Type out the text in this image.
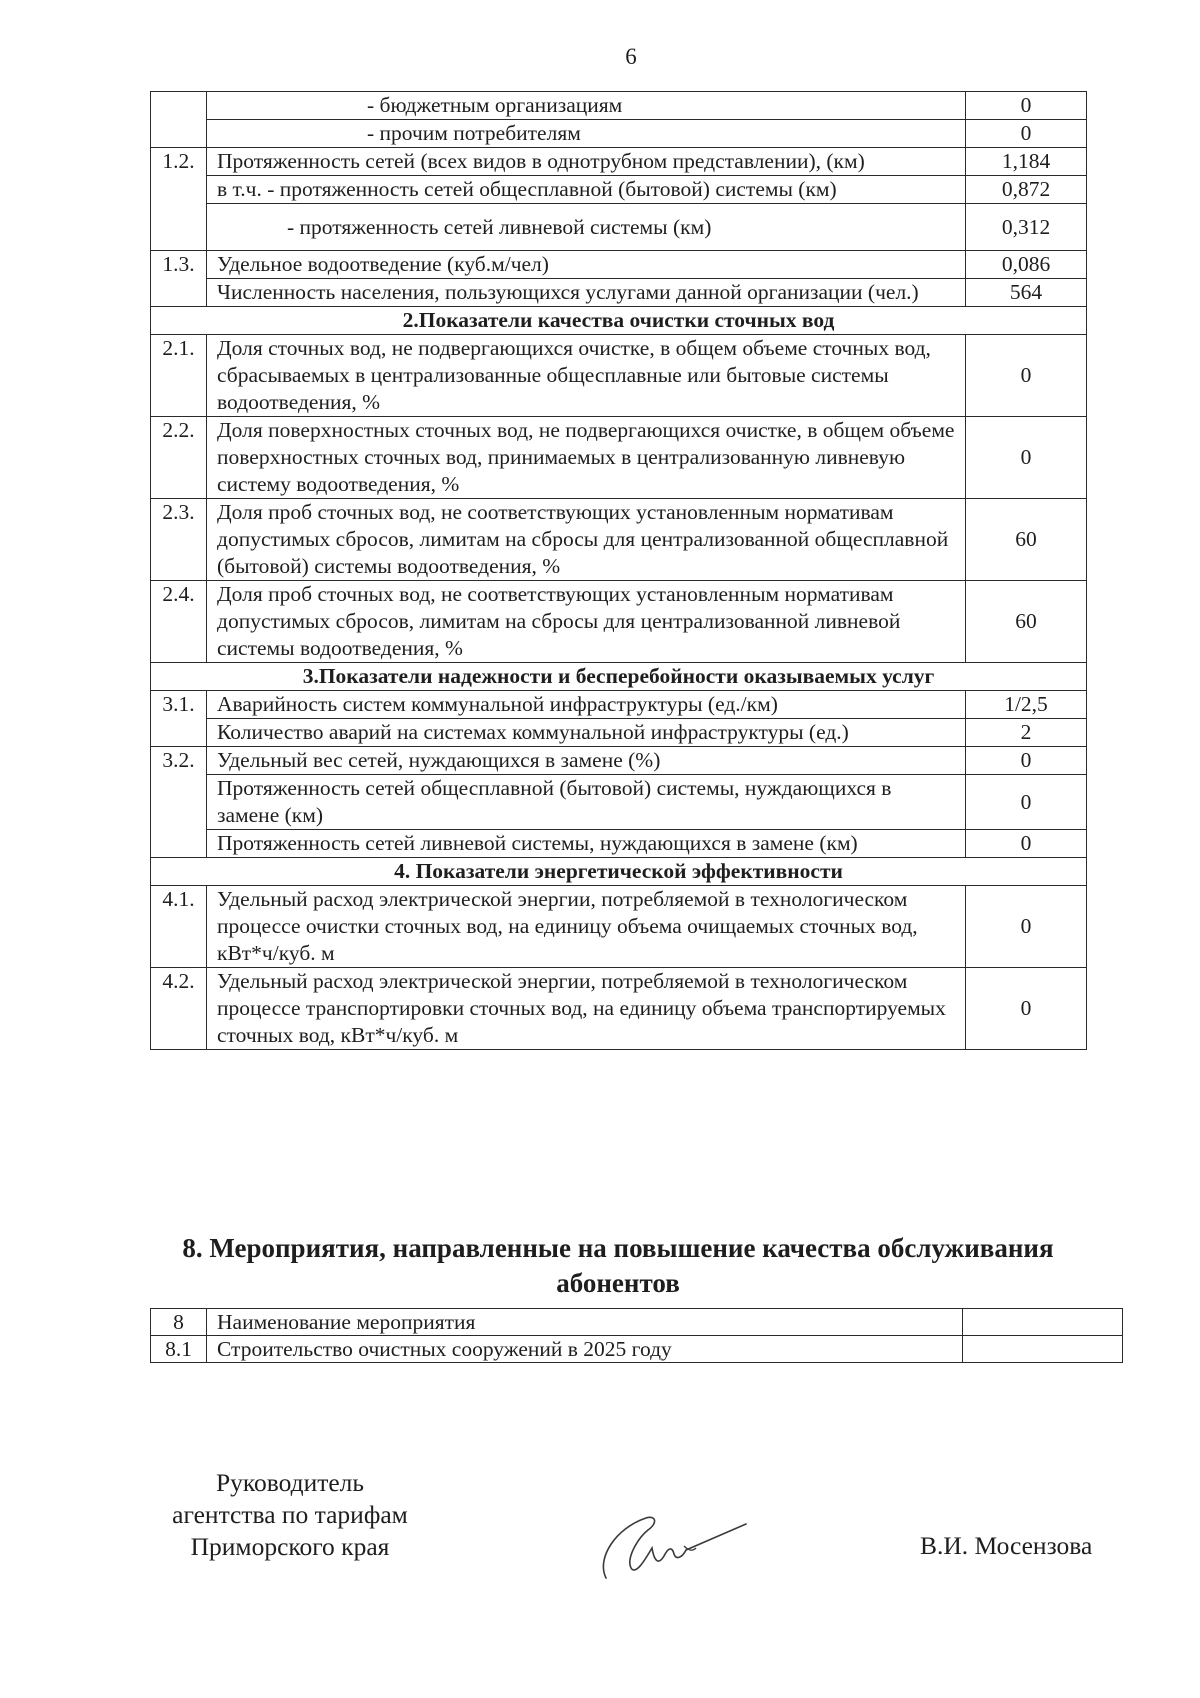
6
	- бюджетным организациям	0
	- прочим потребителям	0
1.2.	Протяженность сетей (всех видов в однотрубном представлении), (км)	1,184
	в т.ч. - протяженность сетей общесплавной (бытовой) системы (км)	0,872
	- протяженность сетей ливневой системы (км)	0,312
1.3.	Удельное водоотведение (куб.м/чел)	0,086
	Численность населения, пользующихся услугами данной организации (чел.)	564
2.Показатели качества очистки сточных вод		
2.1.	Доля сточных вод, не подвергающихся очистке, в общем объеме сточных вод, сбрасываемых в централизованные общесплавные или бытовые системы водоотведения, %	0
2.2.	Доля поверхностных сточных вод, не подвергающихся очистке, в общем объеме поверхностных сточных вод, принимаемых в централизованную ливневую систему водоотведения, %	0
2.3.	Доля проб сточных вод, не соответствующих установленным нормативам допустимых сбросов, лимитам на сбросы для централизованной общесплавной (бытовой) системы водоотведения, %	60
2.4.	Доля проб сточных вод, не соответствующих установленным нормативам допустимых сбросов, лимитам на сбросы для централизованной ливневой системы водоотведения, %	60
3.Показатели надежности и бесперебойности оказываемых услуг		
3.1.	Аварийность систем коммунальной инфраструктуры (ед./км)	1/2,5
	Количество аварий на системах коммунальной инфраструктуры (ед.)	2
3.2.	Удельный вес сетей, нуждающихся в замене (%)	0
	Протяженность сетей общесплавной (бытовой) системы, нуждающихся в замене (км)	0
	Протяженность сетей ливневой системы, нуждающихся в замене (км)	0
4. Показатели энергетической эффективности		
4.1.	Удельный расход электрической энергии, потребляемой в технологическом процессе очистки сточных вод, на единицу объема очищаемых сточных вод, кВт*ч/куб. м	0
4.2.	Удельный расход электрической энергии, потребляемой в технологическом процессе транспортировки сточных вод, на единицу объема транспортируемых сточных вод, кВт*ч/куб. м	0
8. Мероприятия, направленные на повышение качества обслуживания
абонентов
8	Наименование мероприятия	
8.1	Строительство очистных сооружений в 2025 году	
Руководитель
агентства по тарифам
Приморского края	В.И. Мосензова
